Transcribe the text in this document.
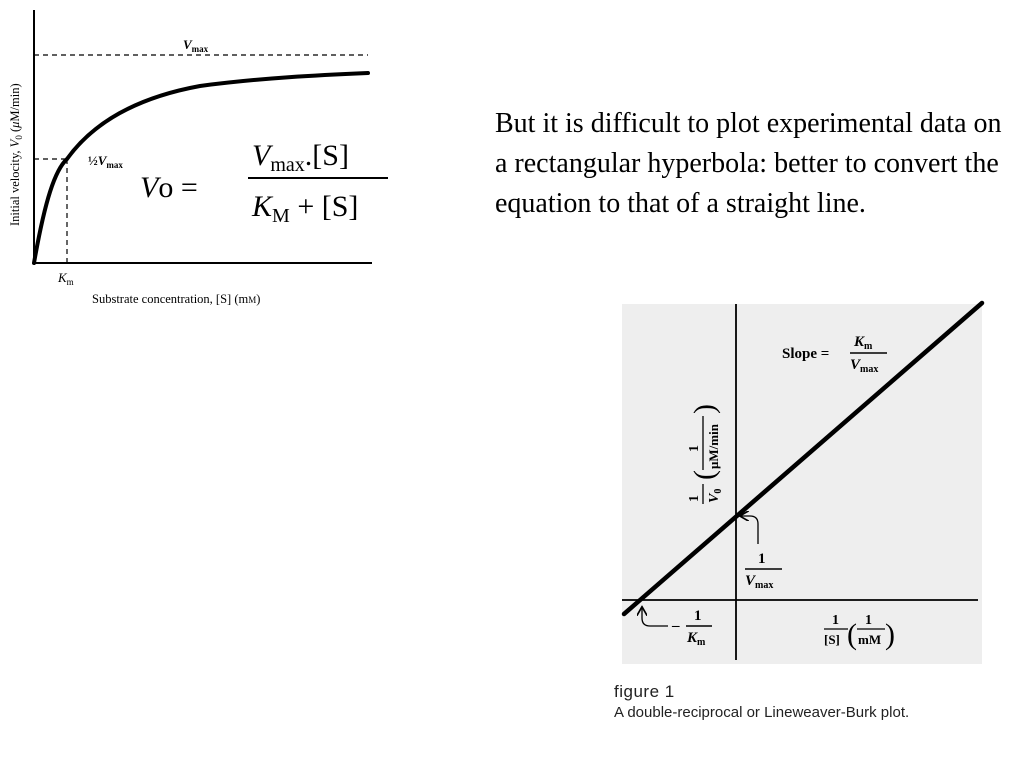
$V_{max}$
$\frac{1}{2}V_{max}$
$K_m$
Substrate concentration, [S] (mM)
Initial velocity, $V_0$ (μM/min)
Vo =
$V_{max}.[S]$
$K_M + [S]$

But it is difficult to plot experimental data on a rectangular hyperbola: better to convert the equation to that of a straight line.

Slope =
$K_m$
$V_{max}$
1 $V_0$
(
1 μM/min
)
1
$V_{max}$
–
1
$K_m$
1
[S] ( 1
mM )
figure 1
A double-reciprocal or Lineweaver-Burk plot.
